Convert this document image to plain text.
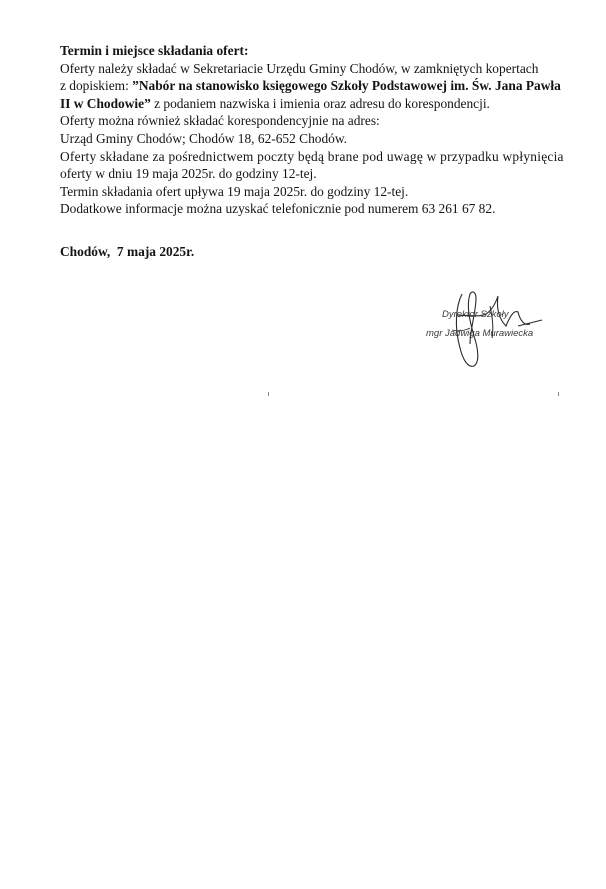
Termin i miejsce składania ofert:
Oferty należy składać w Sekretariacie Urzędu Gminy Chodów, w zamkniętych kopertach
z dopiskiem: ”Nabór na stanowisko księgowego Szkoły Podstawowej im. Św. Jana Pawła
II w Chodowie” z podaniem nazwiska i imienia oraz adresu do korespondencji.
Oferty można również składać korespondencyjnie na adres:
Urząd Gminy Chodów; Chodów 18, 62-652 Chodów.
Oferty składane za pośrednictwem poczty będą brane pod uwagę w przypadku wpłynięcia
oferty w dniu 19 maja 2025r. do godziny 12-tej.
Termin składania ofert upływa 19 maja 2025r. do godziny 12-tej.
Dodatkowe informacje można uzyskać telefonicznie pod numerem 63 261 67 82.
Chodów,  7 maja 2025r.
Dyrektor Szkoły
mgr Jadwiga Murawiecka
